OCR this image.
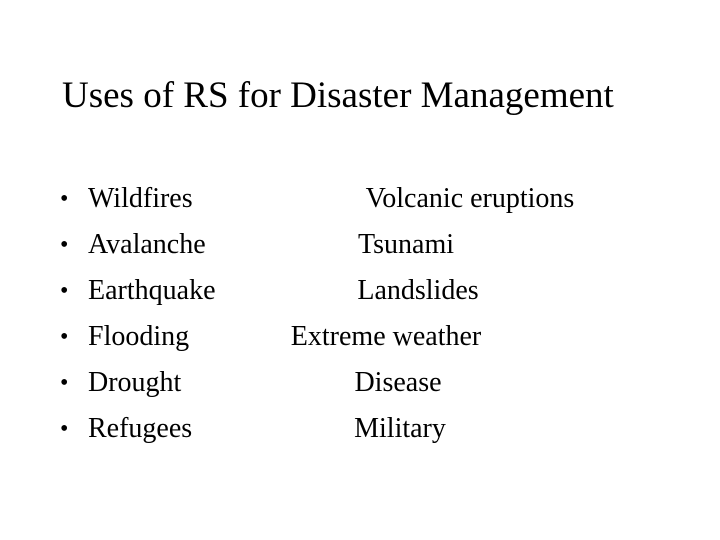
Uses of RS for Disaster Management
• Wildfires	Volcanic eruptions
• Avalanche	Tsunami
• Earthquake	Landslides
• Flooding	Extreme weather
• Drought	Disease
• Refugees	Military
